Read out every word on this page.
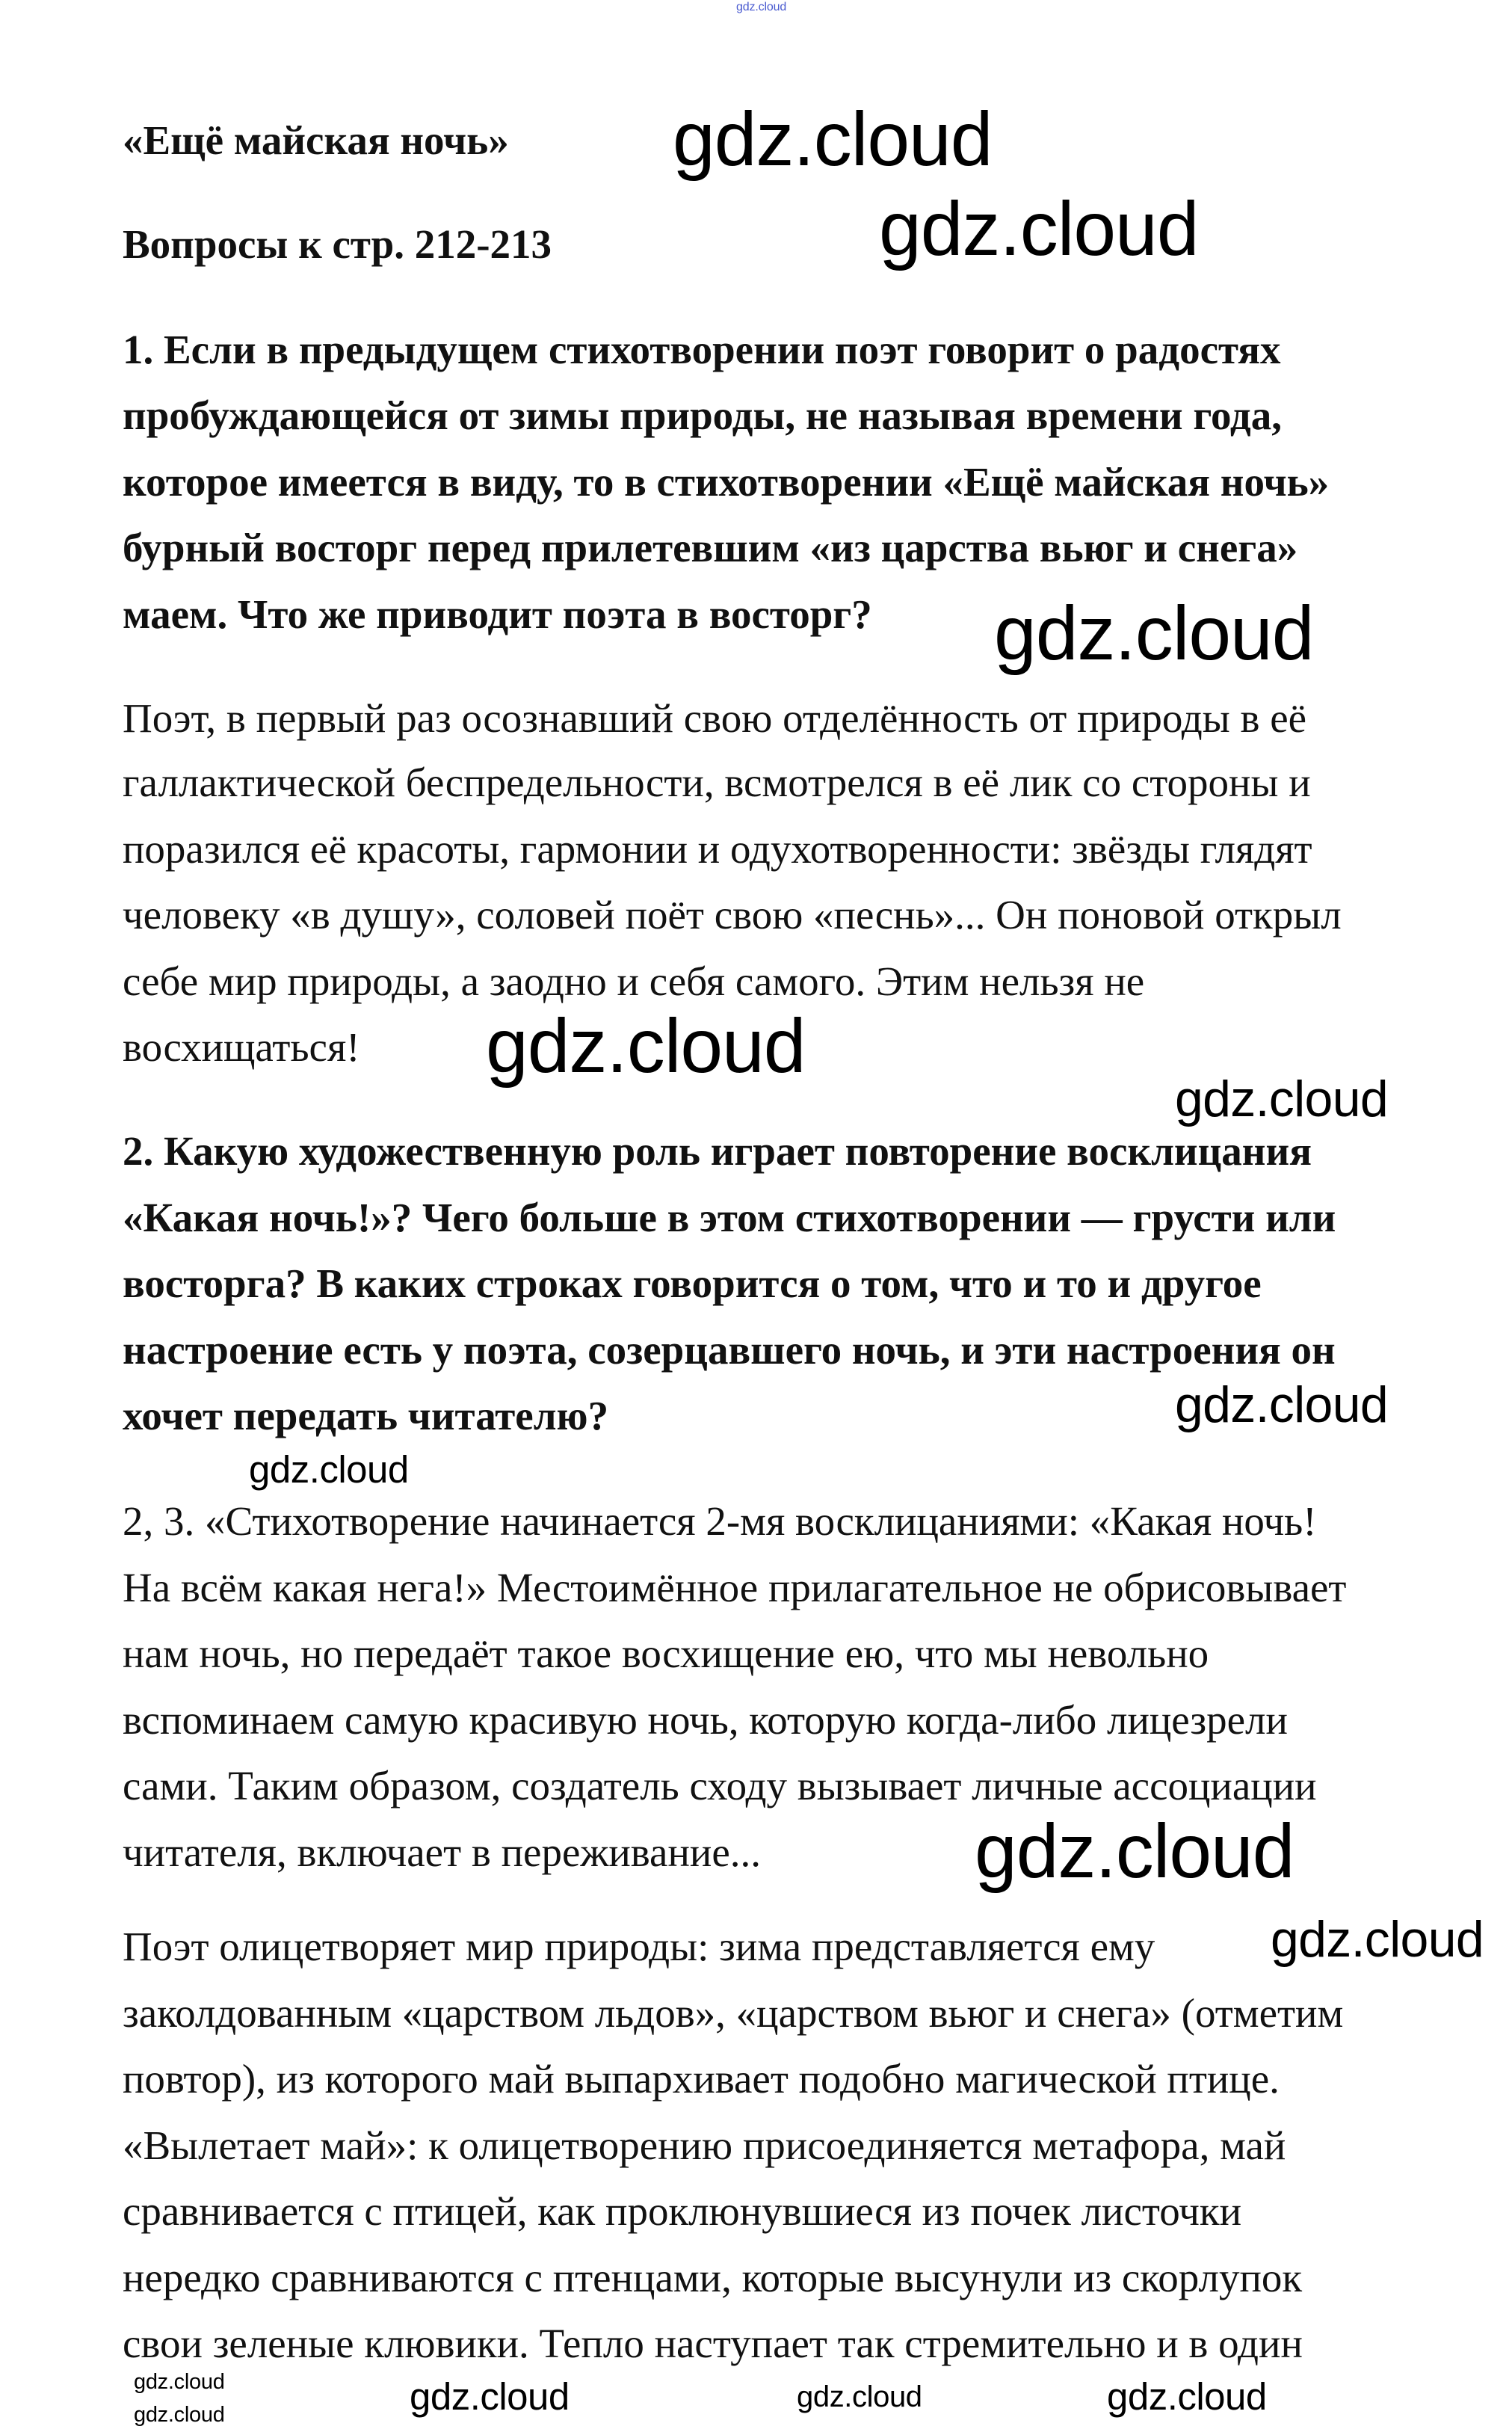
«Ещё майская ночь»
Вопросы к стр. 212-213
1. Если в предыдущем стихотворении поэт говорит о радостях
пробуждающейся от зимы природы, не называя времени года,
которое имеется в виду, то в стихотворении «Ещё майская ночь»
бурный восторг перед прилетевшим «из царства вьюг и снега»
маем. Что же приводит поэта в восторг?
Поэт, в первый раз осознавший свою отделённость от природы в её
галлактической беспредельности, всмотрелся в её лик со стороны и
поразился её красоты, гармонии и одухотворенности: звёзды глядят
человеку «в душу», соловей поёт свою «песнь»... Он поновой открыл
себе мир природы, а заодно и себя самого. Этим нельзя не
восхищаться!
2. Какую художественную роль играет повторение восклицания
«Какая ночь!»? Чего больше в этом стихотворении — грусти или
восторга? В каких строках говорится о том, что и то и другое
настроение есть у поэта, созерцавшего ночь, и эти настроения он
хочет передать читателю?
2, 3. «Стихотворение начинается 2-мя восклицаниями: «Какая ночь!
На всём какая нега!» Местоимённое прилагательное не обрисовывает
нам ночь, но передаёт такое восхищение ею, что мы невольно
вспоминаем самую красивую ночь, которую когда-либо лицезрели
сами. Таким образом, создатель сходу вызывает личные ассоциации
читателя, включает в переживание...
Поэт олицетворяет мир природы: зима представляется ему
заколдованным «царством льдов», «царством вьюг и снега» (отметим
повтор), из которого май выпархивает подобно магической птице.
«Вылетает май»: к олицетворению присоединяется метафора, май
сравнивается с птицей, как проклюнувшиеся из почек листочки
нередко сравниваются с птенцами, которые высунули из скорлупок
свои зеленые клювики. Тепло наступает так стремительно и в один
gdz.cloud
gdz.cloud
gdz.cloud
gdz.cloud
gdz.cloud
gdz.cloud
gdz.cloud
gdz.cloud
gdz.cloud
gdz.cloud
gdz.cloud	gdz.cloud	gdz.cloud
gdz.cloud	gdz.cloud
